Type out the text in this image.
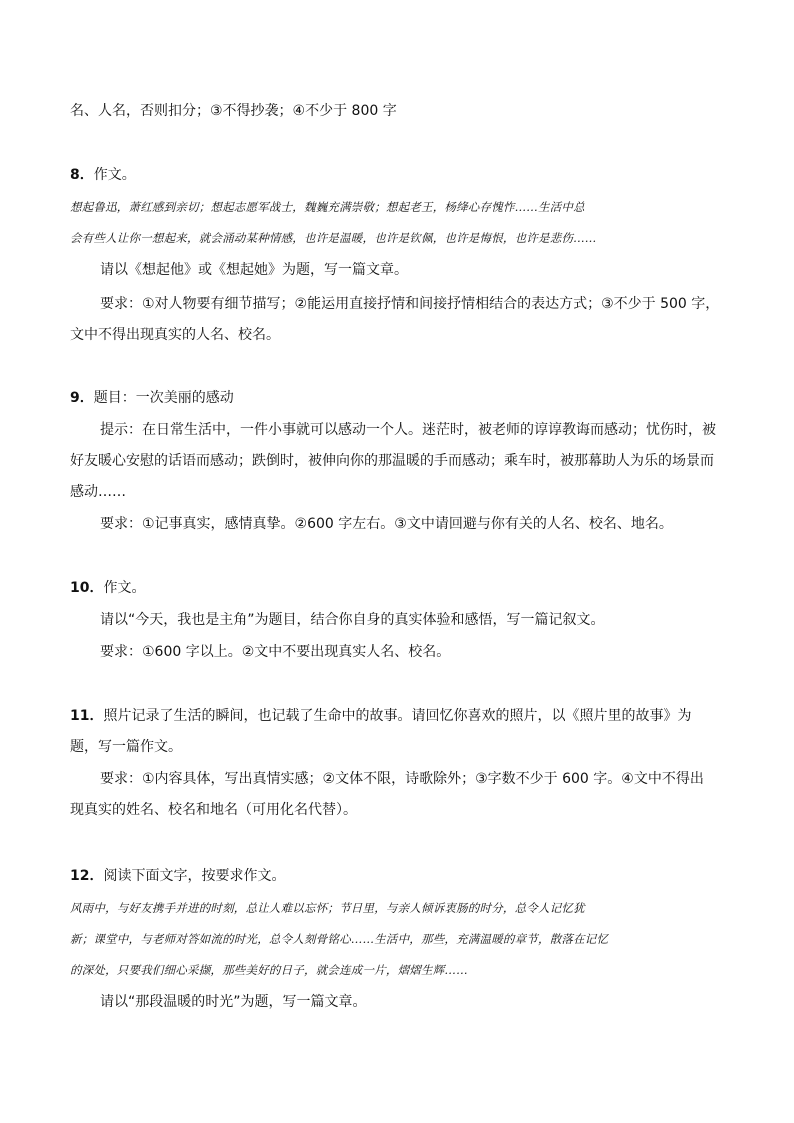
名、人名，否则扣分；③不得抄袭；④不少于 800 字
8．作文。
想起鲁迅，萧红感到亲切；想起志愿军战士，魏巍充满崇敬；想起老王，杨绛心存愧怍……生活中总
会有些人让你一想起来，就会涌动某种情感，也许是温暖，也许是钦佩，也许是悔恨，也许是悲伤……
请以《想起他》或《想起她》为题，写一篇文章。
要求：①对人物要有细节描写；②能运用直接抒情和间接抒情相结合的表达方式；③不少于 500 字，
文中不得出现真实的人名、校名。
9．题目：一次美丽的感动
提示：在日常生活中，一件小事就可以感动一个人。迷茫时，被老师的谆谆教诲而感动；忧伤时，被
好友暖心安慰的话语而感动；跌倒时，被伸向你的那温暖的手而感动；乘车时，被那幕助人为乐的场景而
感动……
要求：①记事真实，感情真挚。②600 字左右。③文中请回避与你有关的人名、校名、地名。
10．作文。
请以“今天，我也是主角”为题目，结合你自身的真实体验和感悟，写一篇记叙文。
要求：①600 字以上。②文中不要出现真实人名、校名。
11．照片记录了生活的瞬间，也记载了生命中的故事。请回忆你喜欢的照片，以《照片里的故事》为
题，写一篇作文。
要求：①内容具体，写出真情实感；②文体不限，诗歌除外；③字数不少于 600 字。④文中不得出
现真实的姓名、校名和地名（可用化名代替）。
12．阅读下面文字，按要求作文。
风雨中，与好友携手并进的时刻，总让人难以忘怀；节日里，与亲人倾诉衷肠的时分，总令人记忆犹
新；课堂中，与老师对答如流的时光，总令人刻骨铭心……生活中，那些，充满温暖的章节，散落在记忆
的深处，只要我们细心采撷，那些美好的日子，就会连成一片，熠熠生辉……
请以“那段温暖的时光”为题，写一篇文章。
